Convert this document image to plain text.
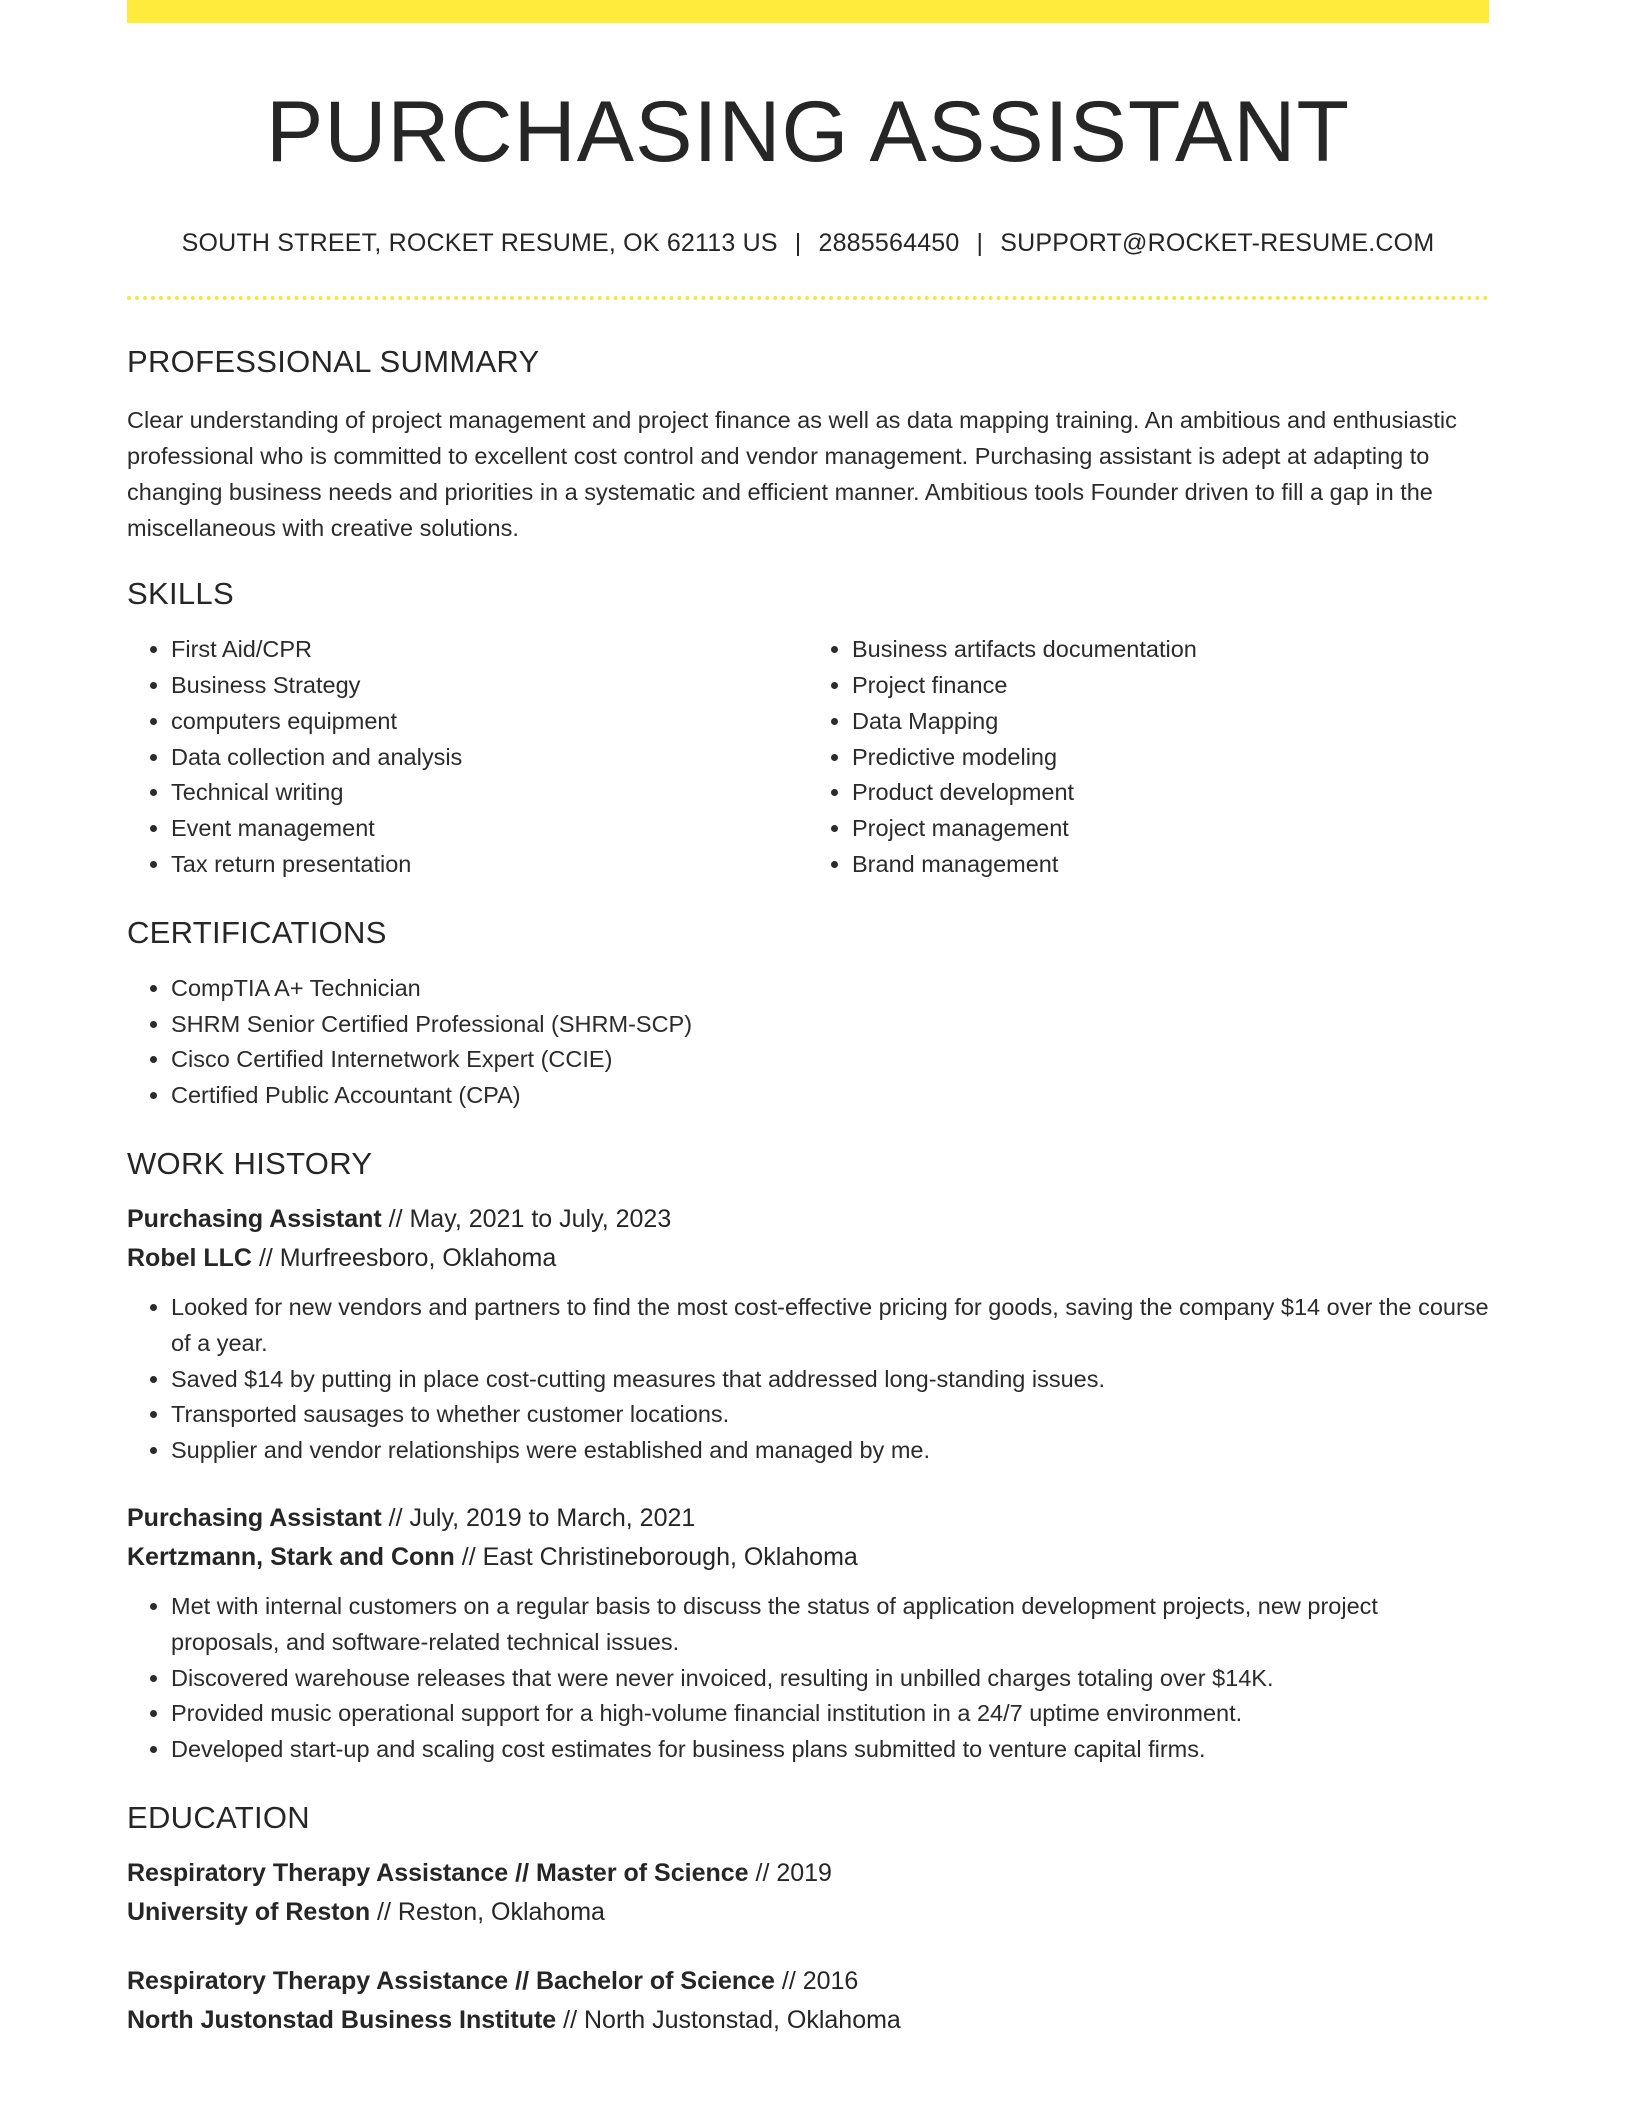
PURCHASING ASSISTANT
SOUTH STREET, ROCKET RESUME, OK 62113 US | 2885564450 | SUPPORT@ROCKET-RESUME.COM
PROFESSIONAL SUMMARY

Clear understanding of project management and project finance as well as data mapping training. An ambitious and enthusiastic professional who is committed to excellent cost control and vendor management. Purchasing assistant is adept at adapting to changing business needs and priorities in a systematic and efficient manner. Ambitious tools Founder driven to fill a gap in the miscellaneous with creative solutions.

SKILLS
• First Aid/CPR
• Business Strategy
• computers equipment
• Data collection and analysis
• Technical writing
• Event management
• Tax return presentation
• Business artifacts documentation
• Project finance
• Data Mapping
• Predictive modeling
• Product development
• Project management
• Brand management
CERTIFICATIONS
• CompTIA A+ Technician
• SHRM Senior Certified Professional (SHRM-SCP)
• Cisco Certified Internetwork Expert (CCIE)
• Certified Public Accountant (CPA)
WORK HISTORY
Purchasing Assistant // May, 2021 to July, 2023
Robel LLC // Murfreesboro, Oklahoma
• Looked for new vendors and partners to find the most cost-effective pricing for goods, saving the company $14 over the course of a year.
• Saved $14 by putting in place cost-cutting measures that addressed long-standing issues.
• Transported sausages to whether customer locations.
• Supplier and vendor relationships were established and managed by me.
Purchasing Assistant // July, 2019 to March, 2021
Kertzmann, Stark and Conn // East Christineborough, Oklahoma
• Met with internal customers on a regular basis to discuss the status of application development projects, new project proposals, and software-related technical issues.
• Discovered warehouse releases that were never invoiced, resulting in unbilled charges totaling over $14K.
• Provided music operational support for a high-volume financial institution in a 24/7 uptime environment.
• Developed start-up and scaling cost estimates for business plans submitted to venture capital firms.
EDUCATION
Respiratory Therapy Assistance // Master of Science // 2019
University of Reston // Reston, Oklahoma
Respiratory Therapy Assistance // Bachelor of Science // 2016
North Justonstad Business Institute // North Justonstad, Oklahoma
